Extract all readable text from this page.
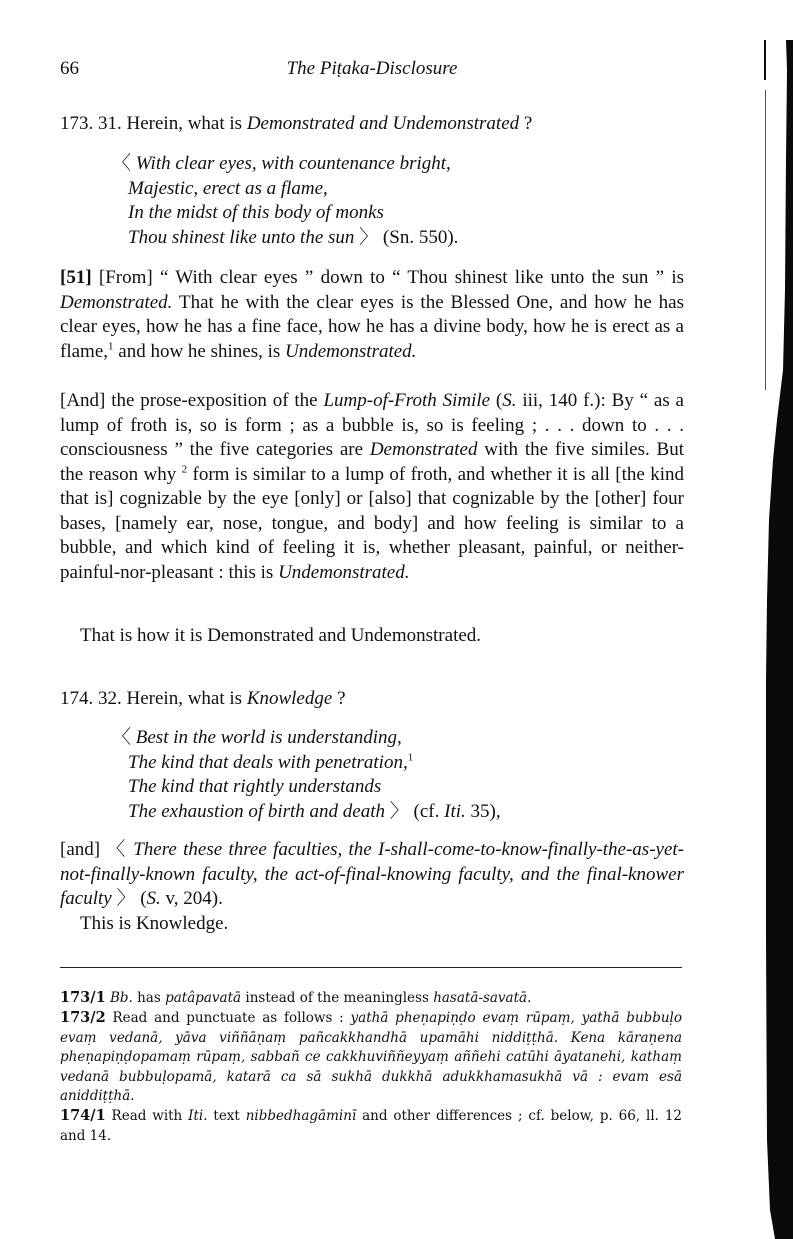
66	The Piṭaka-Disclosure
173. 31. Herein, what is Demonstrated and Undemonstrated ?
〈 With clear eyes, with countenance bright,
Majestic, erect as a flame,
In the midst of this body of monks
Thou shinest like unto the sun 〉 (Sn. 550).
[51] [From] “ With clear eyes ” down to “ Thou shinest like unto the sun ” is Demonstrated. That he with the clear eyes is the Blessed One, and how he has clear eyes, how he has a fine face, how he has a divine body, how he is erect as a flame,$^1$ and how he shines, is Undemonstrated.
[And] the prose-exposition of the Lump-of-Froth Simile (S. iii, 140 f.): By “ as a lump of froth is, so is form ; as a bubble is, so is feeling ; . . . down to . . . consciousness ” the five categories are Demonstrated with the five similes. But the reason why $^2$ form is similar to a lump of froth, and whether it is all [the kind that is] cognizable by the eye [only] or [also] that cognizable by the [other] four bases, [namely ear, nose, tongue, and body] and how feeling is similar to a bubble, and which kind of feeling it is, whether pleasant, painful, or neither-painful-nor-pleasant : this is Undemonstrated.
That is how it is Demonstrated and Undemonstrated.
174. 32. Herein, what is Knowledge ?
〈 Best in the world is understanding,
The kind that deals with penetration,$^1$
The kind that rightly understands
The exhaustion of birth and death 〉 (cf. Iti. 35),
[and] 〈 There these three faculties, the I-shall-come-to-know-finally-the-as-yet-not-finally-known faculty, the act-of-final-knowing faculty, and the final-knower faculty 〉 (S. v, 204).
This is Knowledge.
173/1 Bb. has patâpavatā instead of the meaningless hasatā-savatā.
173/2 Read and punctuate as follows : yathā pheṇapiṇḍo evaṃ rūpaṃ, yathā bubbuḷo evaṃ vedanā, yāva viññāṇaṃ pañcakkhandhā upamāhi niddiṭṭhā. Kena kāraṇena pheṇapiṇḍopamaṃ rūpaṃ, sabbañ ce cakkhuviññeyyaṃ aññehi catūhi āyatanehi, kathaṃ vedanā bubbuḷopamā, katarā ca sā sukhā dukkhā adukkhamasukhā vā : evam esā aniddiṭṭhā.
174/1 Read with Iti. text nibbedhagāminī and other differences ; cf. below, p. 66, ll. 12 and 14.
